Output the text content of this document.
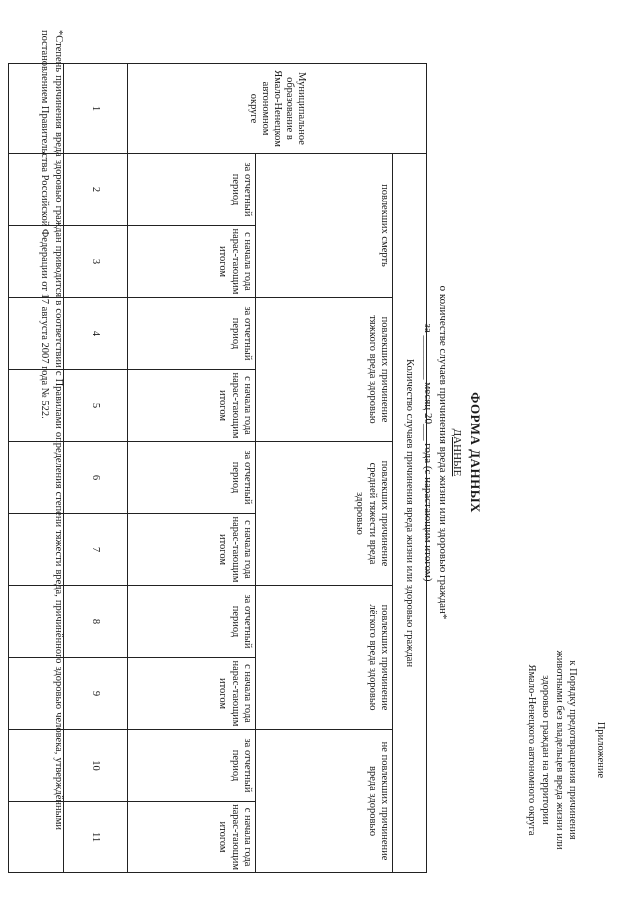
Приложение
к Порядку предотвращения причинения
животными без владельцев вреда жизни или
здоровью граждан на территории
Ямало-Ненецкого автономного округа
ФОРМА ДАННЫХ
ДАННЫЕ
о количестве случаев причинения вреда жизни или здоровью граждан*
за ________ месяц 20___ года (с нарастающим итогом)
Муниципальное образование в Ямало-Ненецком автономном округе	Количество случаев причинения вреда жизни или здоровью граждан									
	повлекших смерть		повлекших причинение тяжкого вреда здоровью		повлекших причинение средней тяжести вреда здоровью		повлекших причинение лёгкого вреда здоровью		не повлекших причинение вреда здоровью	
	за отчетный период	с начала года нарас-тающим итогом	за отчетный период	с начала года нарас-тающим итогом	за отчетный период	с начала года нарас-тающим итогом	за отчетный период	с начала года нарас-тающим итогом	за отчетный период	с начала года нарас-тающим итогом
1	2	3	4	5	6	7	8	9	10	11

*Степень причинения вреда здоровью граждан приводится в соответствии с Правилами определения степени тяжести вреда, причинённого здоровью человека, утверждёнными постановлением Правительства Российской Федерации от 17 августа 2007 года № 522.
